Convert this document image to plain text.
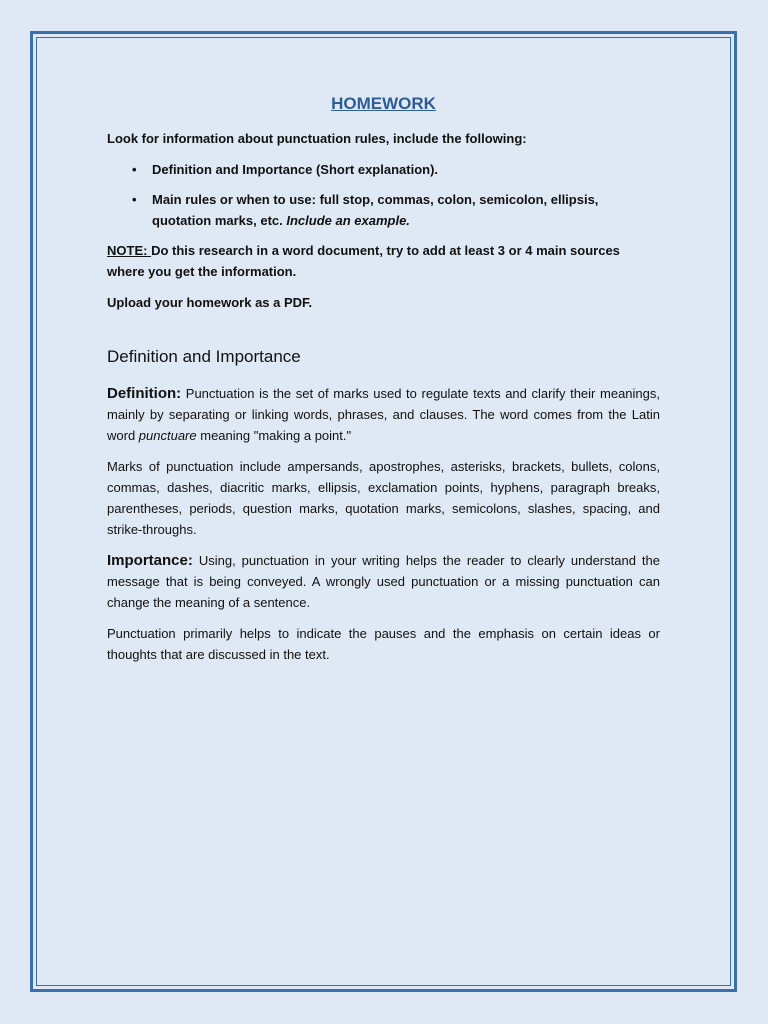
HOMEWORK

Look for information about punctuation rules, include the following:

• Definition and Importance (Short explanation).
• Main rules or when to use: full stop, commas, colon, semicolon, ellipsis, quotation marks, etc. Include an example.

NOTE: Do this research in a word document, try to add at least 3 or 4 main sources where you get the information.

Upload your homework as a PDF.

Definition and Importance

Definition: Punctuation is the set of marks used to regulate texts and clarify their meanings, mainly by separating or linking words, phrases, and clauses. The word comes from the Latin word punctuare meaning "making a point."

Marks of punctuation include ampersands, apostrophes, asterisks, brackets, bullets, colons, commas, dashes, diacritic marks, ellipsis, exclamation points, hyphens, paragraph breaks, parentheses, periods, question marks, quotation marks, semicolons, slashes, spacing, and strike-throughs.

Importance: Using, punctuation in your writing helps the reader to clearly understand the message that is being conveyed. A wrongly used punctuation or a missing punctuation can change the meaning of a sentence.

Punctuation primarily helps to indicate the pauses and the emphasis on certain ideas or thoughts that are discussed in the text.
